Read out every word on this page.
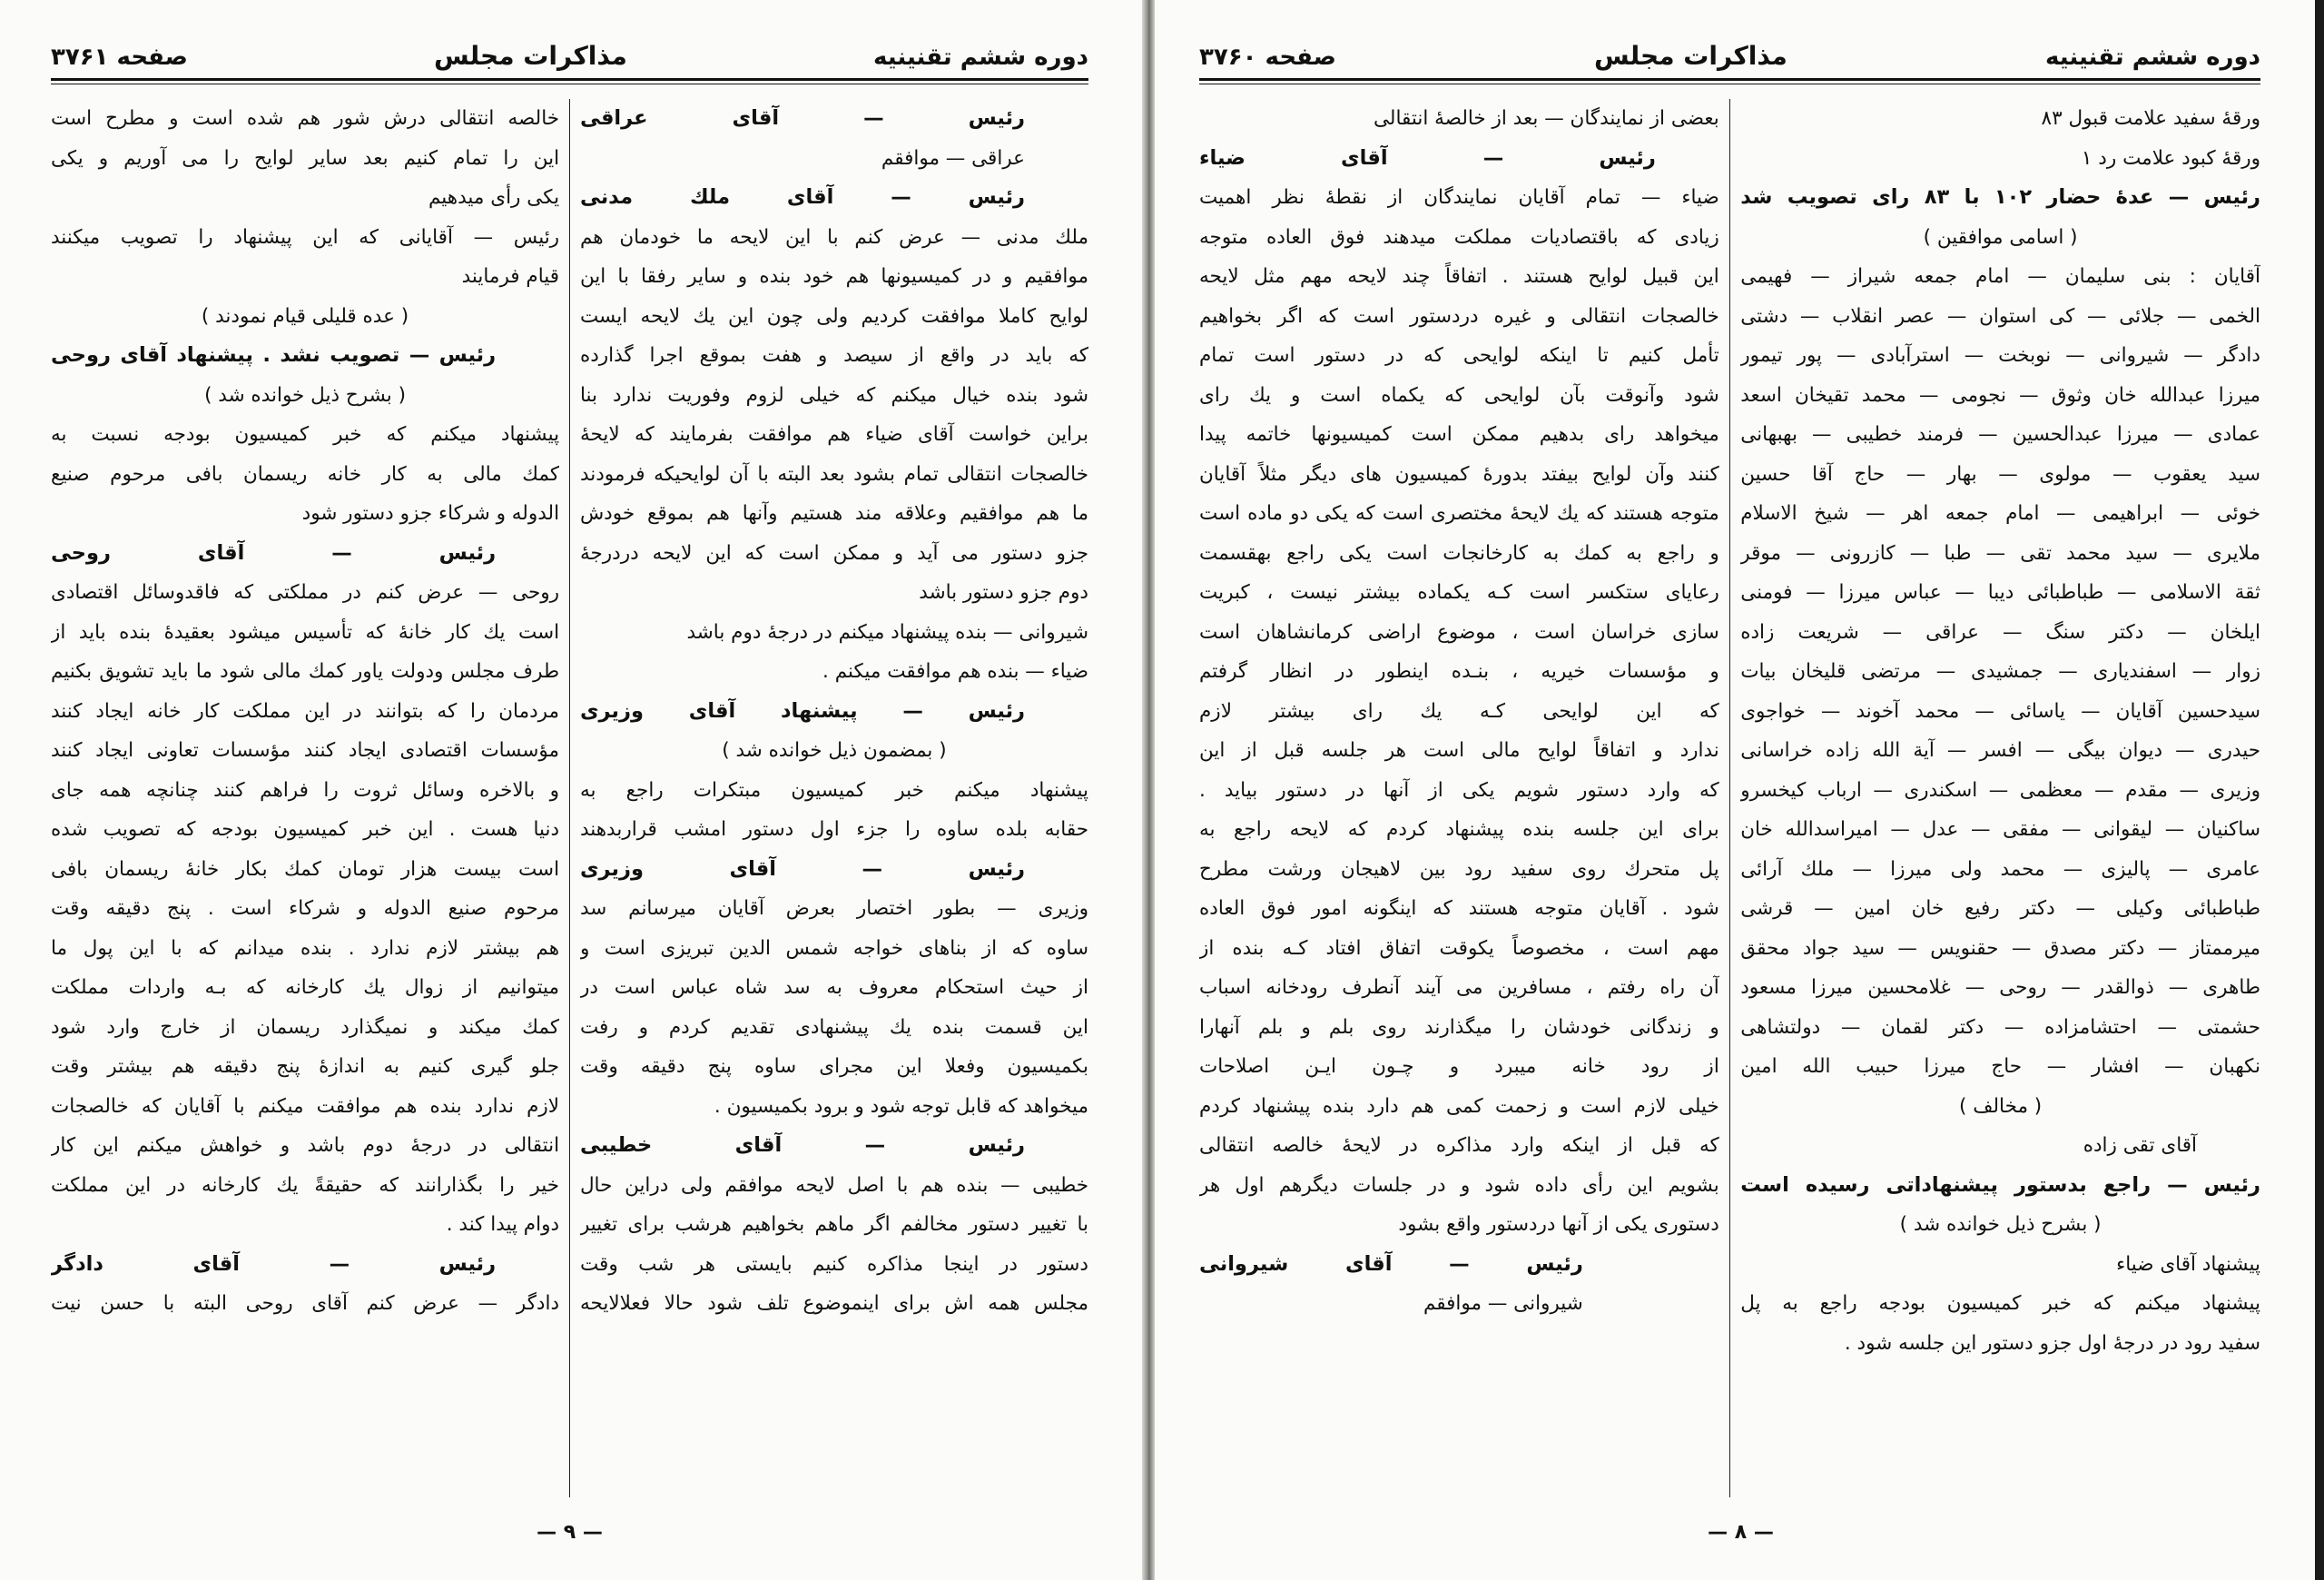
دوره ششم تقنینیه
مذاکرات مجلس
صفحه ۳۷۶۱
رئیس — آقای عراقی
عراقی — موافقم
رئیس — آقای ملك مدنی
ملك مدنی — عرض کنم با این لایحه ما خودمان هم
موافقیم و در کمیسیونها هم خود بنده و سایر رفقا با این
لوایح کاملا موافقت کردیم ولی چون این یك لایحه ایست
که باید در واقع از سیصد و هفت بموقع اجرا گذارده
شود بنده خیال میکنم که خیلی لزوم وفوریت ندارد بنا
براین خواست آقای ضیاء هم موافقت بفرمایند که لایحهٔ
خالصجات انتقالی تمام بشود بعد البته با آن لوایحیکه فرمودند
ما هم موافقیم وعلاقه مند هستیم وآنها هم بموقع خودش
جزو دستور می آید و ممکن است که این لایحه دردرجهٔ
دوم جزو دستور باشد
شیروانی — بنده پیشنهاد میکنم در درجهٔ دوم باشد
ضیاء — بنده هم موافقت میکنم .
رئیس — پیشنهاد آقای وزیری
( بمضمون ذیل خوانده شد )
پیشنهاد میکنم خبر کمیسیون مبتکرات راجع به
حقابه بلده ساوه را جزء اول دستور امشب قراربدهند
رئیس — آقای وزیری
وزیری — بطور اختصار بعرض آقایان میرسانم سد
ساوه که از بناهای خواجه شمس الدین تبریزی است و
از حیث استحکام معروف به سد شاه عباس است در
این قسمت بنده یك پیشنهادی تقدیم کردم و رفت
بکمیسیون وفعلا این مجرای ساوه پنج دقیقه وقت
میخواهد که قابل توجه شود و برود بکمیسیون .
رئیس — آقای خطیبی
خطیبی — بنده هم با اصل لایحه موافقم ولی دراین حال
با تغییر دستور مخالفم اگر ماهم بخواهیم هرشب برای تغییر
دستور در اینجا مذاکره کنیم بایستی هر شب وقت
مجلس همه اش برای اینموضوع تلف شود حالا فعلالایحه
خالصه انتقالی درش شور هم شده است و مطرح است
این را تمام کنیم بعد سایر لوایح را می آوریم و یکی
یکی رأی میدهیم
رئیس — آقایانی که این پیشنهاد را تصویب میکنند
قیام فرمایند
( عده قلیلی قیام نمودند )
رئیس — تصویب نشد . پیشنهاد آقای روحی
( بشرح ذیل خوانده شد )
پیشنهاد میکنم که خبر کمیسیون بودجه نسبت به
کمك مالی به کار خانه ریسمان بافی مرحوم صنیع
الدوله و شرکاء جزو دستور شود
رئیس — آقای روحی
روحی — عرض کنم در مملکتی که فاقدوسائل اقتصادی
است یك کار خانهٔ که تأسیس میشود بعقیدهٔ بنده باید از
طرف مجلس ودولت یاور کمك مالی شود ما باید تشویق بکنیم
مردمان را که بتوانند در این مملکت کار خانه ایجاد کنند
مؤسسات اقتصادی ایجاد کنند مؤسسات تعاونی ایجاد کنند
و بالاخره وسائل ثروت را فراهم کنند چنانچه همه جای
دنیا هست . این خبر کمیسیون بودجه که تصویب شده
است بیست هزار تومان کمك بکار خانهٔ ریسمان بافی
مرحوم صنیع الدوله و شرکاء است . پنج دقیقه وقت
هم بیشتر لازم ندارد . بنده میدانم که با این پول ما
میتوانیم از زوال یك کارخانه که بـه واردات مملکت
کمك میکند و نمیگذارد ریسمان از خارج وارد شود
جلو گیری کنیم به اندازهٔ پنج دقیقه هم بیشتر وقت
لازم ندارد بنده هم موافقت میکنم با آقایان که خالصجات
انتقالی در درجهٔ دوم باشد و خواهش میکنم این کار
خیر را بگذارانند که حقیقةً یك کارخانه در این مملکت
دوام پیدا کند .
رئیس — آقای دادگر
دادگر — عرض کنم آقای روحی البته با حسن نیت
— ۹ —
دوره ششم تقنینیه
مذاکرات مجلس
صفحه ۳۷۶۰
ورقهٔ سفید علامت قبول ۸۳
ورقهٔ کبود علامت رد ۱
رئیس — عدهٔ حضار ۱۰۲ با ۸۳ رای تصویب شد
( اسامی موافقین )
آقایان : بنی سلیمان — امام جمعه شیراز — فهیمی
الخمی — جلائی — کی استوان — عصر انقلاب — دشتی
دادگر — شیروانی — نوبخت — استرآبادی — پور تیمور
میرزا عبدالله خان وثوق — نجومی — محمد تقیخان اسعد
عمادی — میرزا عبدالحسین — فرمند خطیبی — بهبهانی
سید یعقوب — مولوی — بهار — حاج آقا حسین
خوئی — ابراهیمی — امام جمعه اهر — شیخ الاسلام
ملایری — سید محمد تقی — طبا — کازرونی — موقر
ثقة الاسلامی — طباطبائی دیبا — عباس میرزا — فومنی
ایلخان — دکتر سنگ — عراقی — شریعت زاده
زوار — اسفندیاری — جمشیدی — مرتضی قلیخان بیات
سیدحسین آقایان — یاسائی — محمد آخوند — خواجوی
حیدری — دیوان بیگی — افسر — آیة الله زاده خراسانی
وزیری — مقدم — معظمی — اسکندری — ارباب کیخسرو
ساکنیان — لیقوانی — مفقی — عدل — امیراسدالله خان
عامری — پالیزی — محمد ولی میرزا — ملك آرائی
طباطبائی وکیلی — دکتر رفیع خان امین — قرشی
میرممتاز — دکتر مصدق — حقنویس — سید جواد محقق
طاهری — ذوالقدر — روحی — غلامحسین میرزا مسعود
حشمتی — احتشامزاده — دکتر لقمان — دولتشاهی
نکهبان — افشار — حاج میرزا حبیب الله امین
( مخالف )
آقای تقی زاده
رئیس — راجع بدستور پیشنهاداتی رسیده است
( بشرح ذیل خوانده شد )
پیشنهاد آقای ضیاء
پیشنهاد میکنم که خبر کمیسیون بودجه راجع به پل
سفید رود در درجهٔ اول جزو دستور این جلسه شود .
بعضی از نمایندگان — بعد از خالصهٔ انتقالی
رئیس — آقای ضیاء
ضیاء — تمام آقایان نمایندگان از نقطهٔ نظر اهمیت
زیادی که باقتصادیات مملکت میدهند فوق العاده متوجه
این قبیل لوایح هستند . اتفاقاً چند لایحه مهم مثل لایحه
خالصجات انتقالی و غیره دردستور است که اگر بخواهیم
تأمل کنیم تا اینکه لوایحی که در دستور است تمام
شود وآنوقت بآن لوایحی که یکماه است و یك رای
میخواهد رای بدهیم ممکن است کمیسیونها خاتمه پیدا
کنند وآن لوایح بیفتد بدورهٔ کمیسیون های دیگر مثلاً آقایان
متوجه هستند که یك لایحهٔ مختصری است که یکی دو ماده است
و راجع به کمك به کارخانجات است یکی راجع بهقسمت
رعایای ستکسر است کـه یکماده بیشتر نیست ، کبریت
سازی خراسان است ، موضوع اراضی کرمانشاهان است
و مؤسسات خیریه ، بنـده اینطور در انظار گرفتم
که این لوایحی کـه یك رای بیشتر لازم
ندارد و اتفاقاً لوایح مالی است هر جلسه قبل از این
که وارد دستور شویم یکی از آنها در دستور بیاید .
برای این جلسه بنده پیشنهاد کردم که لایحه راجع به
پل متحرك روی سفید رود بین لاهیجان ورشت مطرح
شود . آقایان متوجه هستند که اینگونه امور فوق العاده
مهم است ، مخصوصاً یکوقت اتفاق افتاد کـه بنده از
آن راه رفتم ، مسافرین می آیند آنطرف رودخانه اسباب
و زندگانی خودشان را میگذارند روی بلم و بلم آنهارا
از رود خانه میبرد و چـون ایـن اصلاحات
خیلی لازم است و زحمت کمی هم دارد بنده پیشنهاد کردم
که قبل از اینکه وارد مذاکره در لایحهٔ خالصه انتقالی
بشویم این رأی داده شود و در جلسات دیگرهم اول هر
دستوری یکی از آنها دردستور واقع بشود
رئیس — آقای شیروانی
شیروانی — موافقم
— ۸ —
